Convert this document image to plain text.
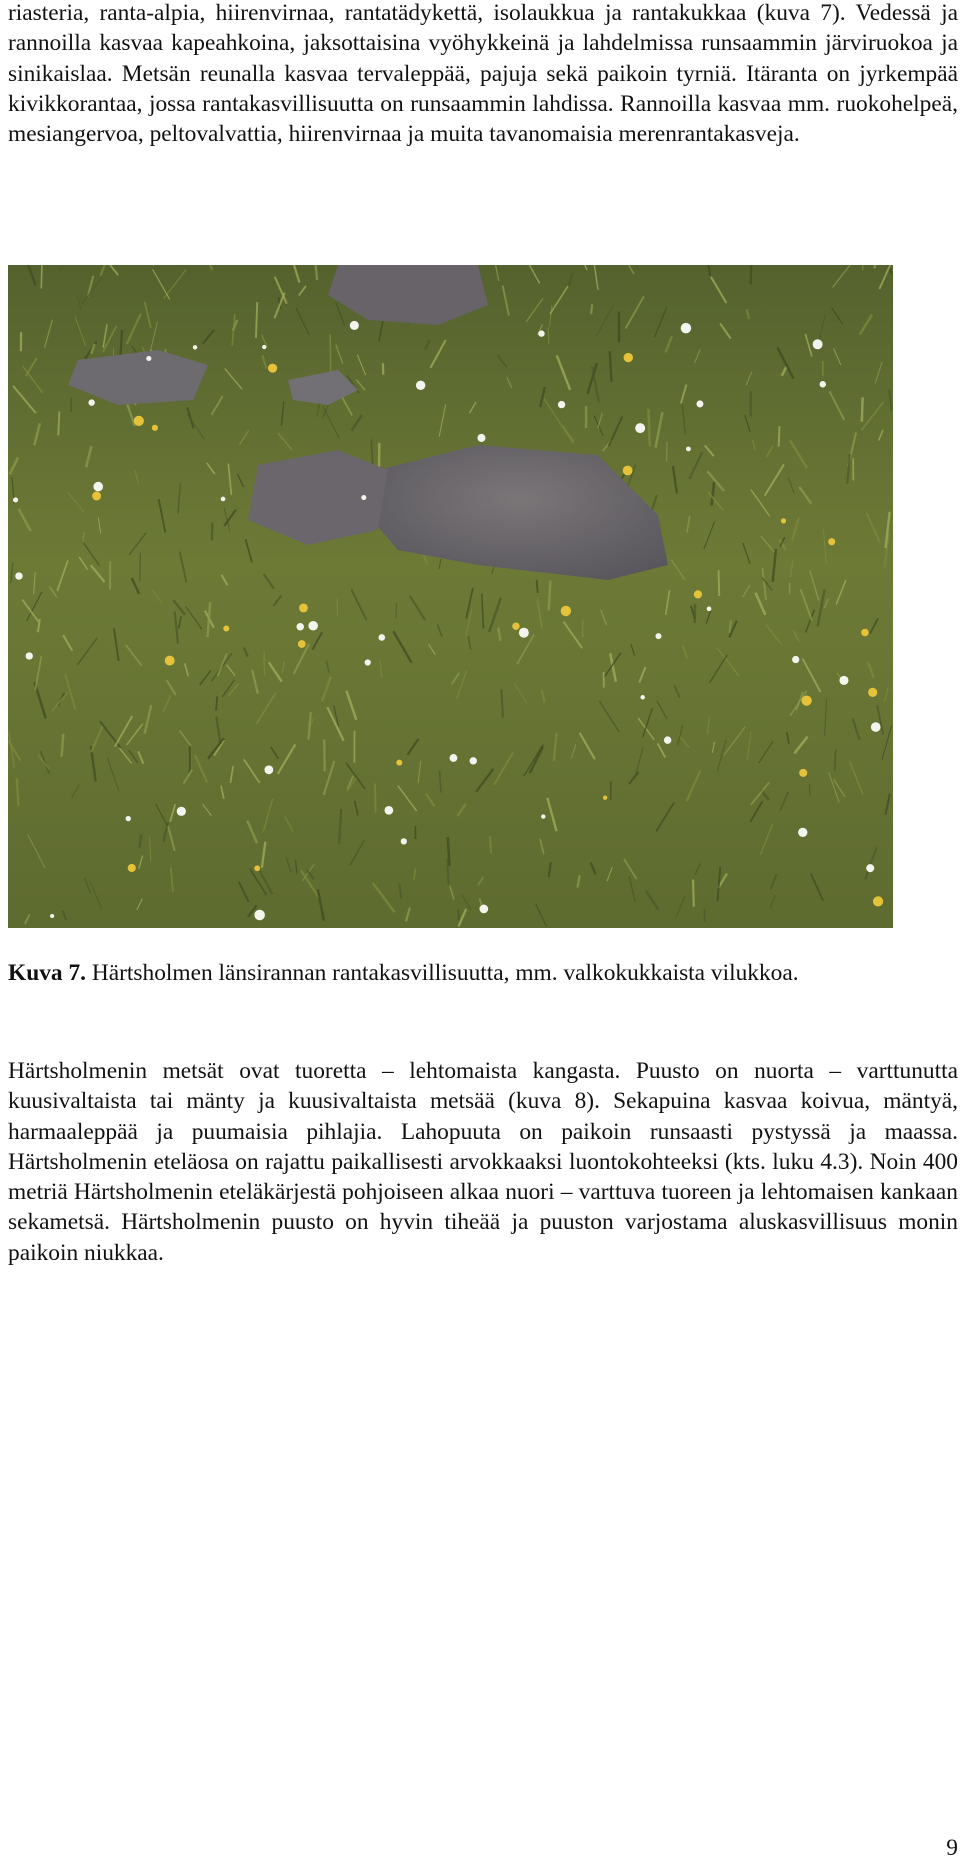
riasteria, ranta-alpia, hiirenvirnaa, rantatädykettä, isolaukkua ja rantakukkaa (kuva 7). Vedessä ja rannoilla kasvaa kapeahkoina, jaksottaisina vyöhykkeinä ja lahdelmissa runsaammin järviruokoa ja sinikaislaa. Metsän reunalla kasvaa tervaleppää, pajuja sekä paikoin tyrniä. Itäranta on jyrkempää kivikkorantaa, jossa rantakasvillisuutta on runsaammin lahdissa. Rannoilla kasvaa mm. ruokohelpeä, mesiangervoa, peltovalvattia, hiirenvirnaa ja muita tavanomaisia merenrantakasveja.

Kuva 7. Härtsholmen länsirannan rantakasvillisuutta, mm. valkokukkaista vilukkoa.

Härtsholmenin metsät ovat tuoretta – lehtomaista kangasta. Puusto on nuorta – varttunutta kuusivaltaista tai mänty ja kuusivaltaista metsää (kuva 8). Sekapuina kasvaa koivua, mäntyä, harmaaleppää ja puumaisia pihlajia. Lahopuuta on paikoin runsaasti pystyssä ja maassa. Härtsholmenin eteläosa on rajattu paikallisesti arvokkaaksi luontokohteeksi (kts. luku 4.3). Noin 400 metriä Härtsholmenin eteläkärjestä pohjoiseen alkaa nuori – varttuva tuoreen ja lehtomaisen kankaan sekametsä. Härtsholmenin puusto on hyvin tiheää ja puuston varjostama aluskasvillisuus monin paikoin niukkaa.

9
